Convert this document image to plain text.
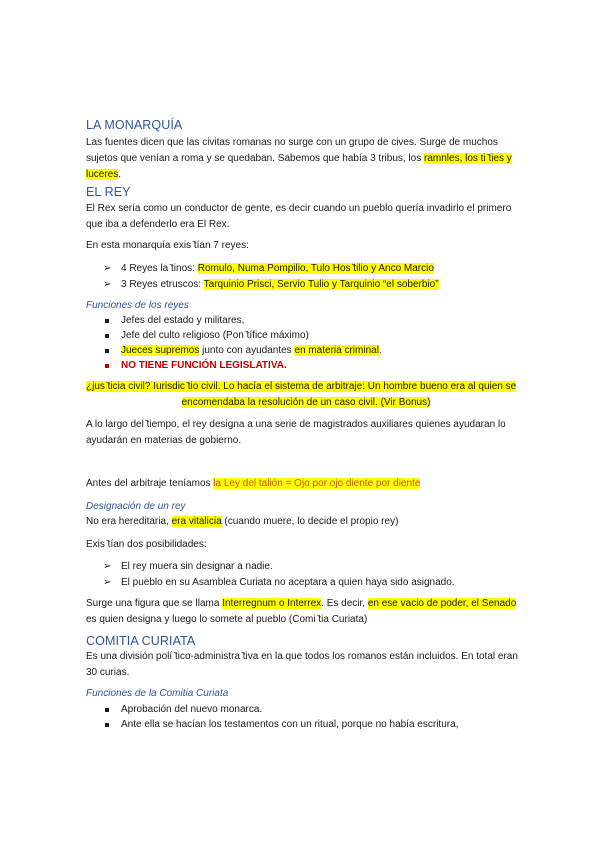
LA MONARQUÍA
Las fuentes dicen que las civitas romanas no surge con un grupo de cives. Surge de muchos sujetos que venían a roma y se quedaban. Sabemos que había 3 tribus, los ramnles, los ti ̆ties y luceres.
EL REY
El Rex sería como un conductor de gente, es decir cuando un pueblo quería invadirlo el primero que iba a defenderlo era El Rex.
En esta monarquía exis ̆tían 7 reyes:
➢ 4 Reyes la ̆tinos: Romulo, Numa Pompilio, Tulo Hos ̆tilio y Anco Marcio
➢ 3 Reyes etruscos: Tarquinio Prisci, Servio Tulio y Tarquinio “el soberbio”
Funciones de los reyes
Jefes del estado y militares,
Jefe del culto religioso (Pon ̆tífice máximo)
Jueces supremos junto con ayudantes en materia criminal.
NO TIENE FUNCIÓN LEGISLATIVA.
¿jus ̆ticia civil? Iurisdic ̆tio civil. Lo hacía el sistema de arbitraje: Un hombre bueno era al quien se
encomendaba la resolución de un caso civil. (Vir Bonus)
A lo largo del ̆tiempo, el rey designa a una serie de magistrados auxiliares quienes ayudaran lo ayudarán en materias de gobierno.
Antes del arbitraje teníamos la Ley del talión = Ojo por ojo diente por diente
Designación de un rey
No era hereditaria, era vitalicia (cuando muere, lo decide el propio rey)
Exis ̆tían dos posibilidades:
➢ El rey muera sin designar a nadie.
➢ El pueblo en su Asamblea Curiata no aceptara a quien haya sido asignado.
Surge una figura que se llama Interregnum o Interrex. Es decir, en ese vacio de poder, el Senado
es quien designa y luego lo somete al pueblo (Comi ̆tia Curiata)
COMITIA CURIATA
Es una división polí ̆tico-administra ̆tiva en la que todos los romanos están incluidos. En total eran 30 curias.
Funciones de la Comitia Curiata
Aprobación del nuevo monarca.
Ante ella se hacían los testamentos con un ritual, porque no había escritura,
